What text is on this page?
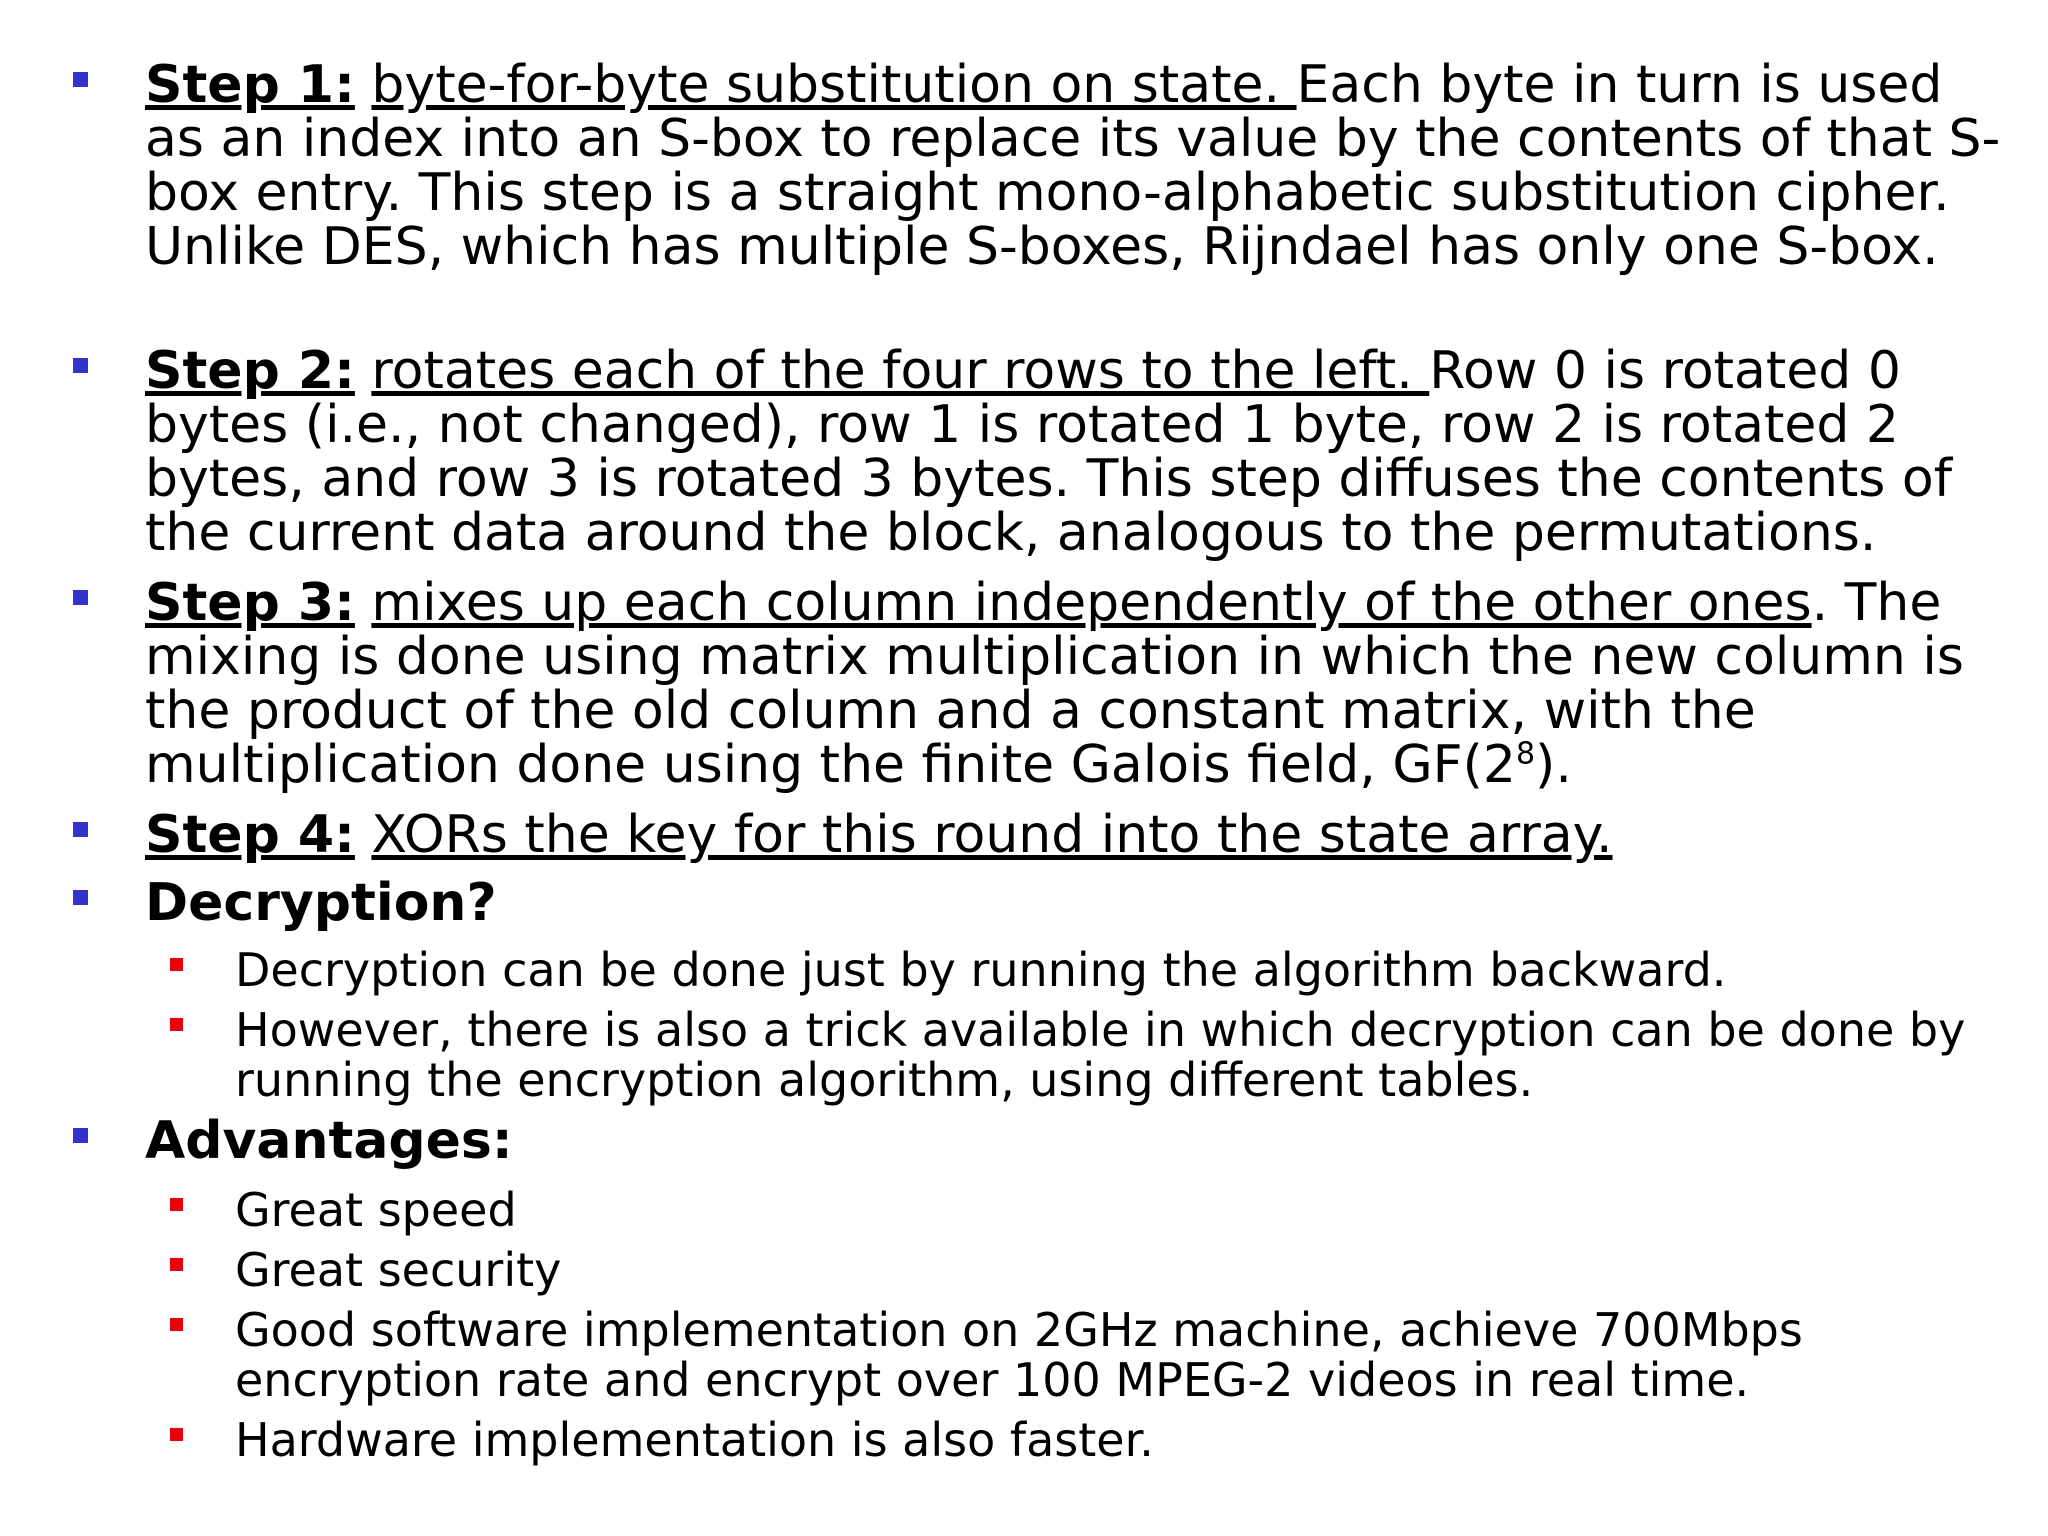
Step 1: byte-for-byte substitution on state. Each byte in turn is used as an index into an S-box to replace its value by the contents of that S-box entry. This step is a straight mono-alphabetic substitution cipher. Unlike DES, which has multiple S-boxes, Rijndael has only one S-box.
Step 2: rotates each of the four rows to the left. Row 0 is rotated 0 bytes (i.e., not changed), row 1 is rotated 1 byte, row 2 is rotated 2 bytes, and row 3 is rotated 3 bytes. This step diffuses the contents of the current data around the block, analogous to the permutations.
Step 3: mixes up each column independently of the other ones. The mixing is done using matrix multiplication in which the new column is the product of the old column and a constant matrix, with the multiplication done using the finite Galois field, $GF(2^8)$.
Step 4: XORs the key for this round into the state array.
Decryption?
Decryption can be done just by running the algorithm backward.
However, there is also a trick available in which decryption can be done by running the encryption algorithm, using different tables.
Advantages:
Great speed
Great security
Good software implementation on 2GHz machine, achieve 700Mbps encryption rate and encrypt over 100 MPEG-2 videos in real time.
Hardware implementation is also faster.
